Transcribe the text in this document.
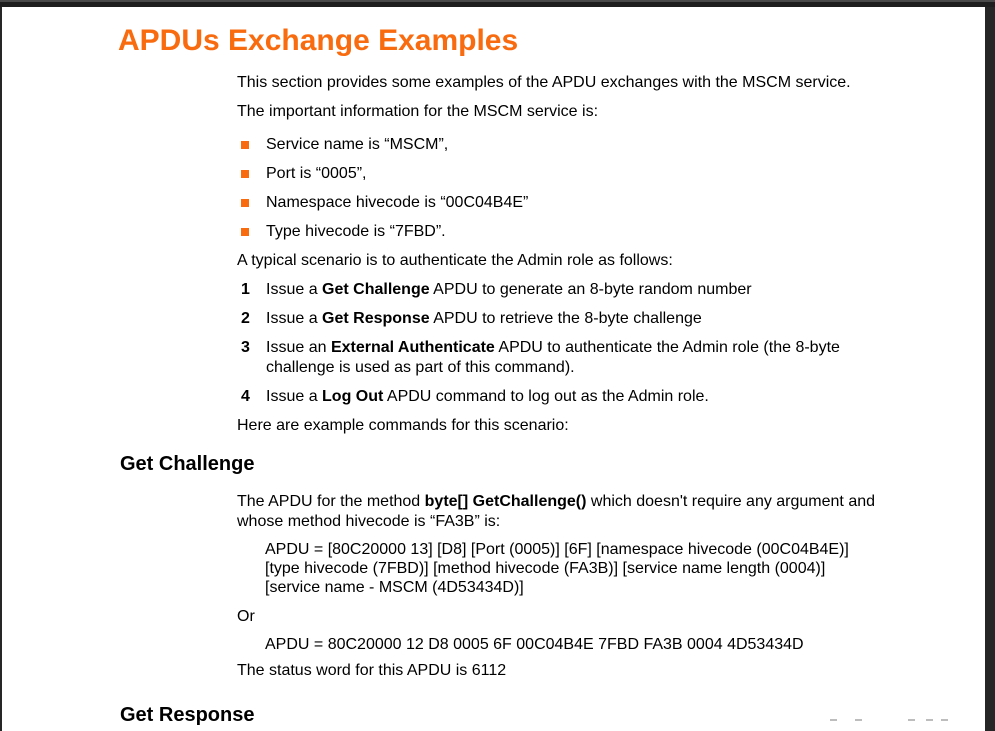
APDUs Exchange Examples

This section provides some examples of the APDU exchanges with the MSCM service.

The important information for the MSCM service is:

Service name is “MSCM”,
Port is “0005”,
Namespace hivecode is “00C04B4E”
Type hivecode is “7FBD”.

A typical scenario is to authenticate the Admin role as follows:

1 Issue a Get Challenge APDU to generate an 8-byte random number
2 Issue a Get Response APDU to retrieve the 8-byte challenge
3 Issue an External Authenticate APDU to authenticate the Admin role (the 8-byte challenge is used as part of this command).
4 Issue a Log Out APDU command to log out as the Admin role.

Here are example commands for this scenario:

Get Challenge

The APDU for the method byte[] GetChallenge() which doesn't require any argument and whose method hivecode is “FA3B” is:

APDU = [80C20000 13] [D8] [Port (0005)] [6F] [namespace hivecode (00C04B4E)]
[type hivecode (7FBD)] [method hivecode (FA3B)] [service name length (0004)]
[service name - MSCM (4D53434D)]

Or

APDU = 80C20000 12 D8 0005 6F 00C04B4E 7FBD FA3B 0004 4D53434D

The status word for this APDU is 6112

Get Response
